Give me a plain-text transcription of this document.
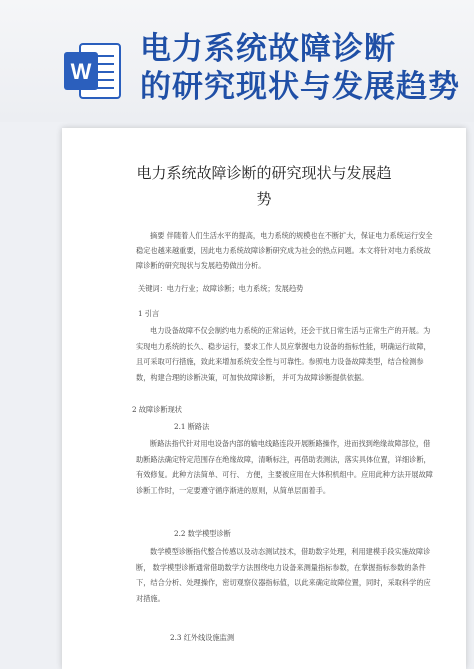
W
电力系统故障诊断
的研究现状与发展趋势
电力系统故障诊断的研究现状与发展趋
势
摘要 伴随着人们生活水平的提高，电力系统的规模也在不断扩大，保证电力系统运行安全稳定也越来越重要，因此电力系统故障诊断研究成为社会的热点问题。本文将针对电力系统故障诊断的研究现状与发展趋势做出分析。
关键词：电力行业；故障诊断；电力系统；发展趋势
1 引言
电力设备故障不仅会制约电力系统的正常运转，还会干扰日常生活与正常生产的开展。为实现电力系统的长久、稳步运行，要求工作人员应掌握电力设备的指标性能，明确运行故障，且可采取可行措施，致此来增加系统安全性与可靠性。参照电力设备故障类型，结合检测参数，构建合理的诊断决策，可加快故障诊断， 并可为故障诊断提供依据。
2 故障诊断现状
2.1 断路法
断路法指代针对用电设备内部的输电线路连段开展断路操作，进而找到绝缘故障部位，借助断路法确定特定范围存在绝缘故障，清晰标注，再借助表测法，落实具体位置，详细诊断，有效修复。此种方法简单、可行、 方便，主要被应用在大体积机组中。应用此种方法开展故障诊断工作时，一定要遵守循序渐进的原则，从简单层面着手。
2.2 数学模型诊断
数学模型诊断指代整合传感以及动态测试技术，借助数字处理，利用建模手段实施故障诊断， 数学模型诊断通常借助数学方法围绕电力设备来测量指标参数，在掌握指标参数的条件下，结合分析、处理操作，密切观察仪器指标值，以此来确定故障位置，同时，采取科学的应对措施。
2.3 红外线设施监测
